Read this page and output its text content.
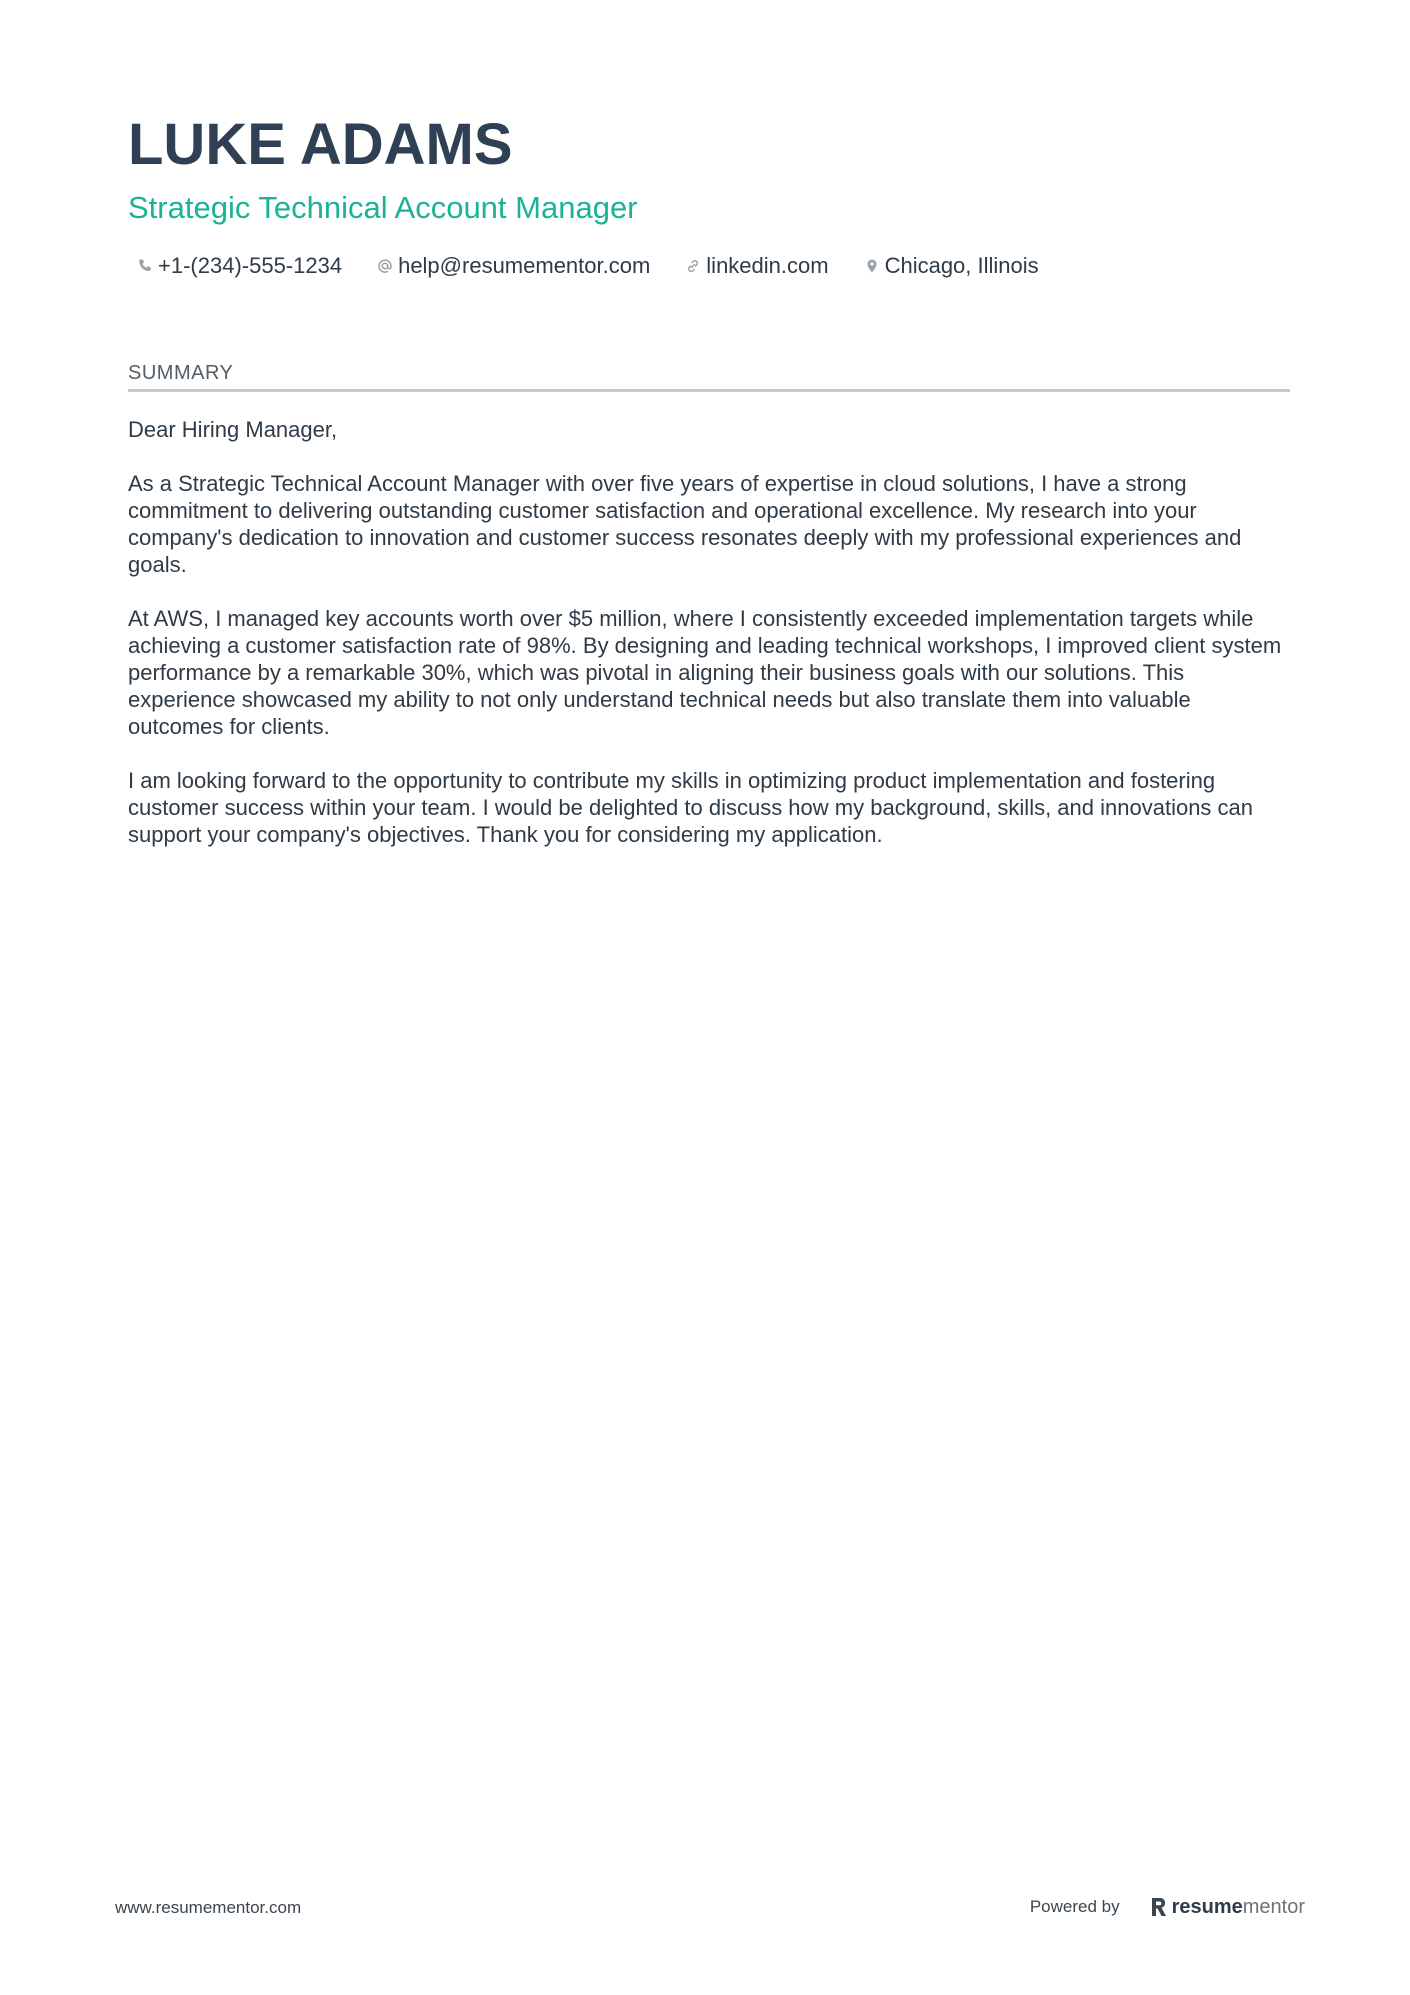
LUKE ADAMS
Strategic Technical Account Manager
+1-(234)-555-1234	help@resumementor.com	linkedin.com	Chicago, Illinois
SUMMARY

Dear Hiring Manager,

As a Strategic Technical Account Manager with over five years of expertise in cloud solutions, I have a strong commitment to delivering outstanding customer satisfaction and operational excellence. My research into your company's dedication to innovation and customer success resonates deeply with my professional experiences and goals.

At AWS, I managed key accounts worth over $5 million, where I consistently exceeded implementation targets while achieving a customer satisfaction rate of 98%. By designing and leading technical workshops, I improved client system performance by a remarkable 30%, which was pivotal in aligning their business goals with our solutions. This experience showcased my ability to not only understand technical needs but also translate them into valuable outcomes for clients.

I am looking forward to the opportunity to contribute my skills in optimizing product implementation and fostering customer success within your team. I would be delighted to discuss how my background, skills, and innovations can support your company's objectives. Thank you for considering my application.

www.resumementor.com	Powered by	resume mentor
